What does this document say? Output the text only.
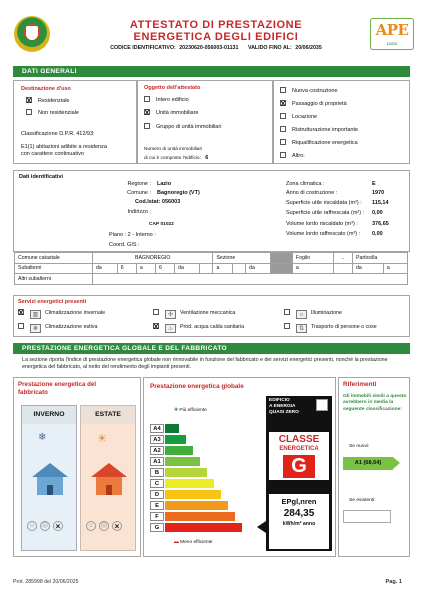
ATTESTATO DI PRESTAZIONE
ENERGETICA DEGLI EDIFICI
CODICE IDENTIFICATIVO: 20230620-056003-01131 VALIDO FINO AL: 20/06/2035
APE
Lazio
DATI GENERALI
Destinazione d'uso
XResidenziale
Non residenziale
Classificazione D.P.R. 412/93:
E1(1) abitazioni adibite a residenza
con carattere continuativo
Oggetto dell'attestato
Intero edificio
XUnità immobiliare
Gruppo di unità immobiliari
Numero di unità immobiliari
di cui è composto l'edificio: 6
Nuova costruzione
XPassaggio di proprietà
Locazione
Ristrutturazione importante
Riqualificazione energetica
Altro:
Dati identificativi
Regione : Lazio
Comune : Bagnoregio (VT)
Cod.Istat: 056003
Indirizzo :
CAP 01022
Piano : 2 - Interno :
Coord. GIS :
Zona climatica :	E
Anno di costruzione :	1970
Superficie utile riscaldata (m²) : 115,14
Superficie utile raffrescata (m²) : 0,00
Volume lordo riscaldato (m³) :	376,65
Volume lordo raffrescato (m³) : 0,00
Comune catastale	BAGNOREGIO						Sezione				Foglio	..	Particella	
Subalterni	da	6	a	6	da		a		da		a		da	a
Altri subalterni														
Servizi energetici presenti
X▥ Climatizzazione invernale	✢ Ventilazione meccanica	☼ Illuminazione
❄ Climatizzazione estiva X	♨ Prod. acqua calda sanitaria	⇅ Trasporto di persone o cose
PRESTAZIONE ENERGETICA GLOBALE E DEL FABBRICATO
La sezione riporta l'indice di prestazione energetica globale non rinnovabile in funzione del fabbricato e dei servizi energetici presenti, nonché la prestazione energetica del fabbricato, al netto del rendimento degli impianti presenti.
Prestazione energetica del
fabbricato
INVERNO
❄
☺	☹ ×
ESTATE
☀
☺	☹ ×
Prestazione energetica globale
✚ Più efficiente
A4
A3
A2
A1
B
C
D
E
F
G
▬ Meno efficiente
EDIFICIO
A ENERGIA
QUASI ZERO
CLASSE
ENERGETICA
G
EPgl,nren
284,35
kWh/m² anno
Riferimenti
Gli immobili simili a questo avrebbero in media la seguente classificazione:
Se nuovi:
A1 (68,64)
Se esistenti:
Prot. 285998 del 20/06/2025	Pag. 1
